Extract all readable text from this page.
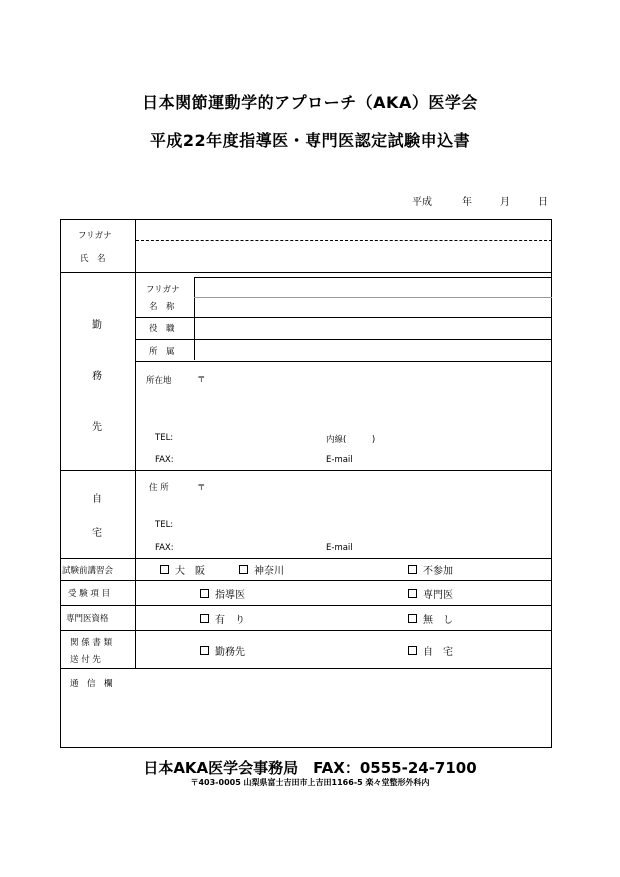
日本関節運動学的アプローチ（AKA）医学会
平成22年度指導医・専門医認定試験申込書
平成	年	月	日
フリガナ
氏　名
勤
務
先
フリガナ
名　称
役　職
所　属
所在地	〒
TEL:	内線(　　　)
FAX:	E-mail
自
宅
住 所	〒
TEL:
FAX:	E-mail
試験前講習会	大　阪	神奈川	不参加
受 験 項 目	指導医	専門医
専門医資格	有　り	無　し
関 係 書 類
送 付 先
勤務先	自　宅
通　信　欄
日本AKA医学会事務局　FAX：0555-24-7100
〒403-0005 山梨県富士吉田市上吉田1166-5 楽々堂整形外科内
